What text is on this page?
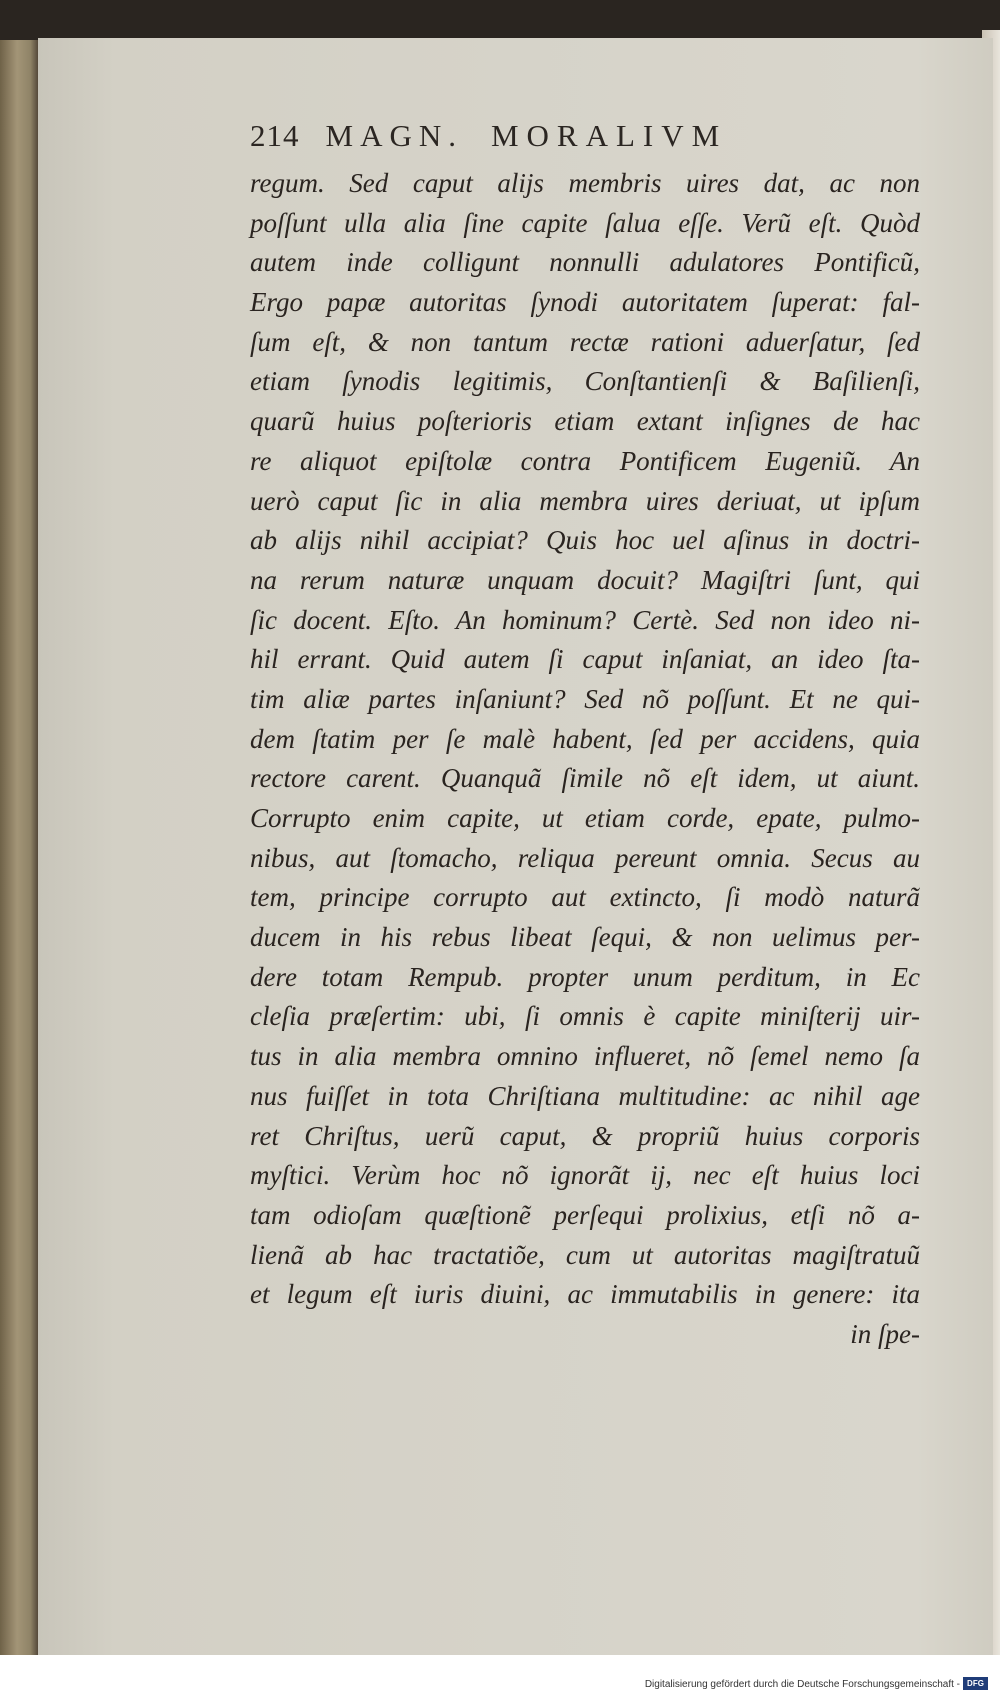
214 MAGN. MORALIVM
regum. Sed caput alijs membris uires dat, ac non
poſſunt ulla alia ſine capite ſalua eſſe. Verũ eſt. Quòd
autem inde colligunt nonnulli adulatores Pontificũ,
Ergo papæ autoritas ſynodi autoritatem ſuperat: fal-
ſum eſt, & non tantum rectæ rationi aduerſatur, ſed
etiam ſynodis legitimis, Conſtantienſi & Baſilienſi,
quarũ huius poſterioris etiam extant inſignes de hac
re aliquot epiſtolæ contra Pontificem Eugeniũ. An
uerò caput ſic in alia membra uires deriuat, ut ipſum
ab alijs nihil accipiat? Quis hoc uel aſinus in doctri-
na rerum naturæ unquam docuit? Magiſtri ſunt, qui
ſic docent. Eſto. An hominum? Certè. Sed non ideo ni-
hil errant. Quid autem ſi caput inſaniat, an ideo ſta-
tim aliæ partes inſaniunt? Sed nõ poſſunt. Et ne qui-
dem ſtatim per ſe malè habent, ſed per accidens, quia
rectore carent. Quanquã ſimile nõ eſt idem, ut aiunt.
Corrupto enim capite, ut etiam corde, epate, pulmo-
nibus, aut ſtomacho, reliqua pereunt omnia. Secus au
tem, principe corrupto aut extincto, ſi modò naturã
ducem in his rebus libeat ſequi, & non uelimus per-
dere totam Rempub. propter unum perditum, in Ec
cleſia præſertim: ubi, ſi omnis è capite miniſterij uir-
tus in alia membra omnino influeret, nõ ſemel nemo ſa
nus fuiſſet in tota Chriſtiana multitudine: ac nihil age
ret Chriſtus, uerũ caput, & propriũ huius corporis
myſtici. Verùm hoc nõ ignorãt ij, nec eſt huius loci
tam odioſam quæſtionẽ perſequi prolixius, etſi nõ a-
lienã ab hac tractatiõe, cum ut autoritas magiſtratuũ
et legum eſt iuris diuini, ac immutabilis in genere: ita
in ſpe-
Digitalisierung gefördert durch die Deutsche Forschungsgemeinschaft - DFG
